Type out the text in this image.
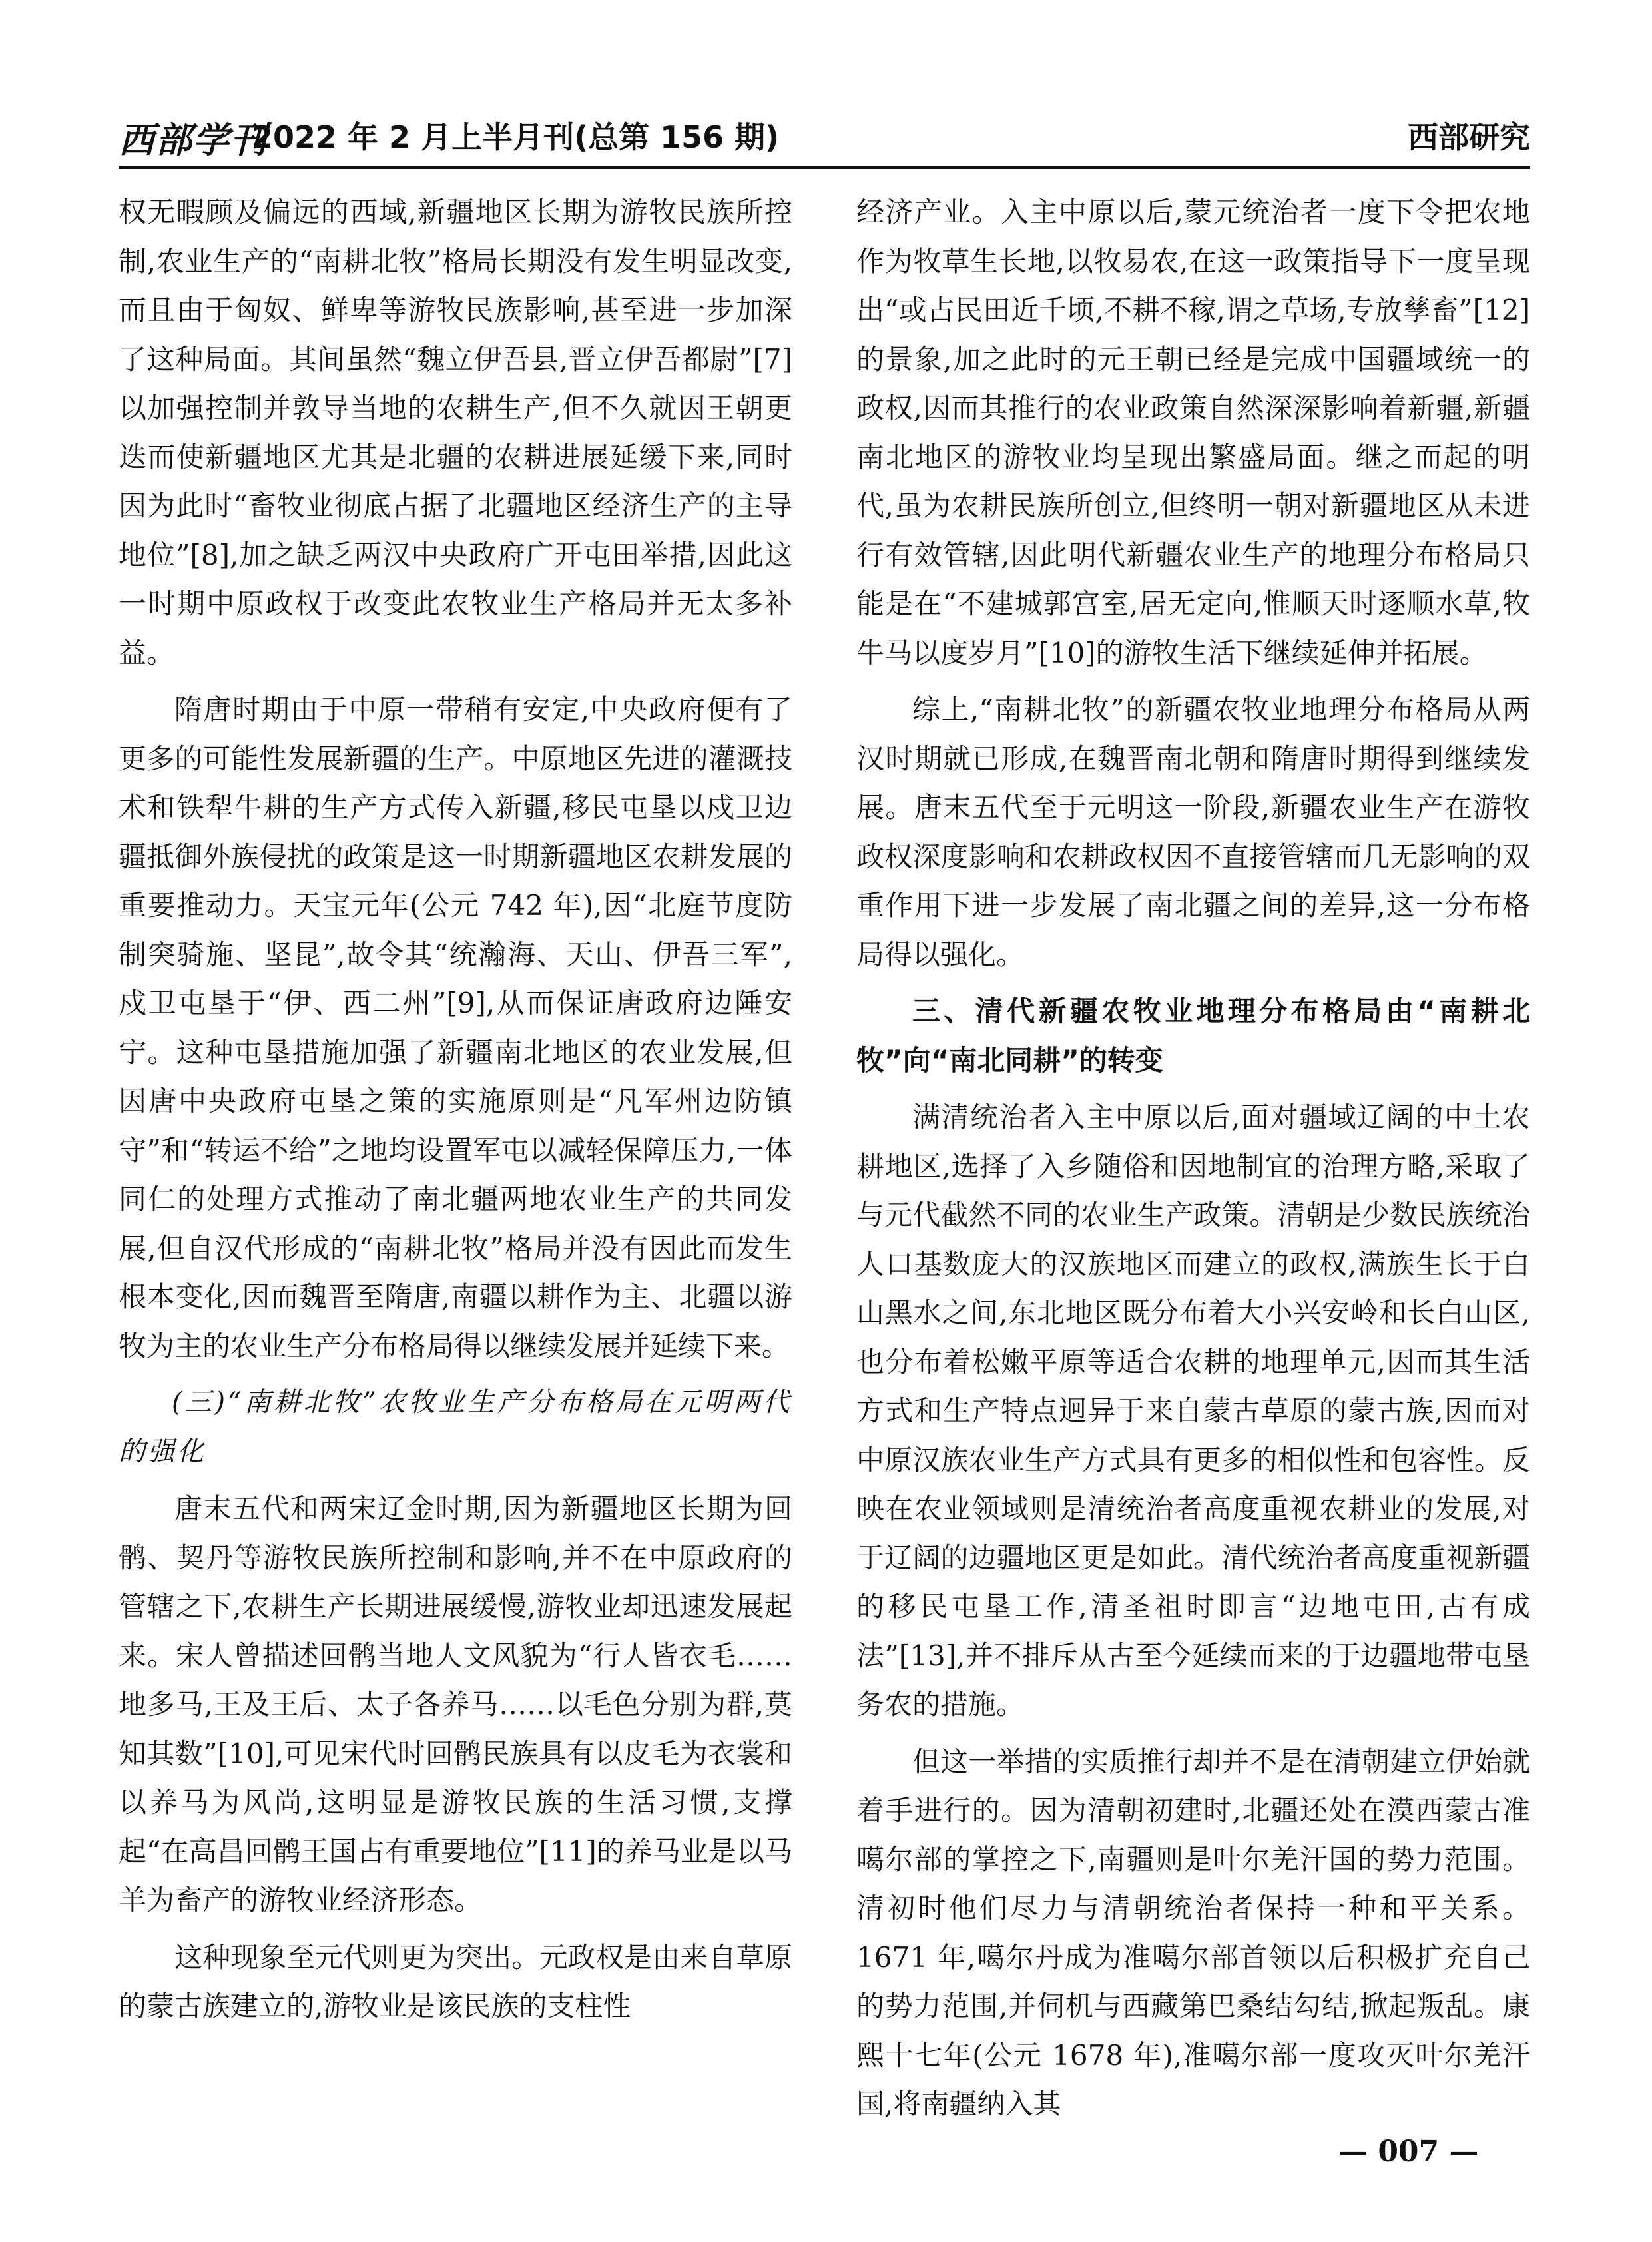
西部学刊
2022 年 2 月上半月刊(总第 156 期)	西部研究

权无暇顾及偏远的西域,新疆地区长期为游牧民族所控制,农业生产的“南耕北牧”格局长期没有发生明显改变,而且由于匈奴、鲜卑等游牧民族影响,甚至进一步加深了这种局面。其间虽然“魏立伊吾县,晋立伊吾都尉”[7]以加强控制并敦导当地的农耕生产,但不久就因王朝更迭而使新疆地区尤其是北疆的农耕进展延缓下来,同时因为此时“畜牧业彻底占据了北疆地区经济生产的主导地位”[8],加之缺乏两汉中央政府广开屯田举措,因此这一时期中原政权于改变此农牧业生产格局并无太多补益。

隋唐时期由于中原一带稍有安定,中央政府便有了更多的可能性发展新疆的生产。中原地区先进的灌溉技术和铁犁牛耕的生产方式传入新疆,移民屯垦以戍卫边疆抵御外族侵扰的政策是这一时期新疆地区农耕发展的重要推动力。天宝元年(公元 742 年),因“北庭节度防制突骑施、坚昆”,故令其“统瀚海、天山、伊吾三军”,戍卫屯垦于“伊、西二州”[9],从而保证唐政府边陲安宁。这种屯垦措施加强了新疆南北地区的农业发展,但因唐中央政府屯垦之策的实施原则是“凡军州边防镇守”和“转运不给”之地均设置军屯以减轻保障压力,一体同仁的处理方式推动了南北疆两地农业生产的共同发展,但自汉代形成的“南耕北牧”格局并没有因此而发生根本变化,因而魏晋至隋唐,南疆以耕作为主、北疆以游牧为主的农业生产分布格局得以继续发展并延续下来。

(三)“南耕北牧”农牧业生产分布格局在元明两代的强化

唐末五代和两宋辽金时期,因为新疆地区长期为回鹘、契丹等游牧民族所控制和影响,并不在中原政府的管辖之下,农耕生产长期进展缓慢,游牧业却迅速发展起来。宋人曾描述回鹘当地人文风貌为“行人皆衣毛……地多马,王及王后、太子各养马……以毛色分别为群,莫知其数”[10],可见宋代时回鹘民族具有以皮毛为衣裳和以养马为风尚,这明显是游牧民族的生活习惯,支撑起“在高昌回鹘王国占有重要地位”[11]的养马业是以马羊为畜产的游牧业经济形态。

这种现象至元代则更为突出。元政权是由来自草原的蒙古族建立的,游牧业是该民族的支柱性

经济产业。入主中原以后,蒙元统治者一度下令把农地作为牧草生长地,以牧易农,在这一政策指导下一度呈现出“或占民田近千顷,不耕不稼,谓之草场,专放孳畜”[12]的景象,加之此时的元王朝已经是完成中国疆域统一的政权,因而其推行的农业政策自然深深影响着新疆,新疆南北地区的游牧业均呈现出繁盛局面。继之而起的明代,虽为农耕民族所创立,但终明一朝对新疆地区从未进行有效管辖,因此明代新疆农业生产的地理分布格局只能是在“不建城郭宫室,居无定向,惟顺天时逐顺水草,牧牛马以度岁月”[10]的游牧生活下继续延伸并拓展。

综上,“南耕北牧”的新疆农牧业地理分布格局从两汉时期就已形成,在魏晋南北朝和隋唐时期得到继续发展。唐末五代至于元明这一阶段,新疆农业生产在游牧政权深度影响和农耕政权因不直接管辖而几无影响的双重作用下进一步发展了南北疆之间的差异,这一分布格局得以强化。

三、清代新疆农牧业地理分布格局由“南耕北牧”向“南北同耕”的转变

满清统治者入主中原以后,面对疆域辽阔的中土农耕地区,选择了入乡随俗和因地制宜的治理方略,采取了与元代截然不同的农业生产政策。清朝是少数民族统治人口基数庞大的汉族地区而建立的政权,满族生长于白山黑水之间,东北地区既分布着大小兴安岭和长白山区,也分布着松嫩平原等适合农耕的地理单元,因而其生活方式和生产特点迥异于来自蒙古草原的蒙古族,因而对中原汉族农业生产方式具有更多的相似性和包容性。反映在农业领域则是清统治者高度重视农耕业的发展,对于辽阔的边疆地区更是如此。清代统治者高度重视新疆的移民屯垦工作,清圣祖时即言“边地屯田,古有成法”[13],并不排斥从古至今延续而来的于边疆地带屯垦务农的措施。

但这一举措的实质推行却并不是在清朝建立伊始就着手进行的。因为清朝初建时,北疆还处在漠西蒙古准噶尔部的掌控之下,南疆则是叶尔羌汗国的势力范围。清初时他们尽力与清朝统治者保持一种和平关系。1671 年,噶尔丹成为准噶尔部首领以后积极扩充自己的势力范围,并伺机与西藏第巴桑结勾结,掀起叛乱。康熙十七年(公元 1678 年),准噶尔部一度攻灭叶尔羌汗国,将南疆纳入其

— 007 —
